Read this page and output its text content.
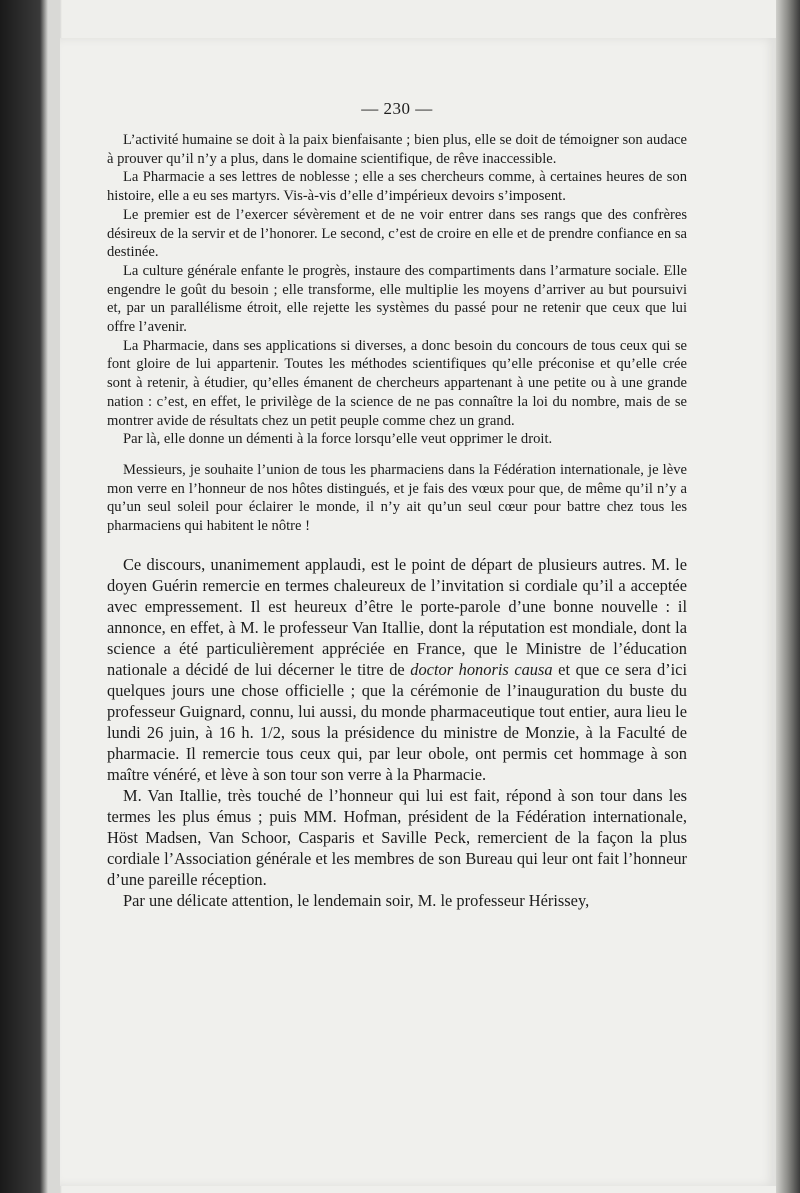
— 230 —

L’activité humaine se doit à la paix bienfaisante ; bien plus, elle se doit de témoigner son audace à prouver qu’il n’y a plus, dans le domaine scientifique, de rêve inaccessible.

La Pharmacie a ses lettres de noblesse ; elle a ses chercheurs comme, à certaines heures de son histoire, elle a eu ses martyrs. Vis-à-vis d’elle d’impérieux devoirs s’imposent.

Le premier est de l’exercer sévèrement et de ne voir entrer dans ses rangs que des confrères désireux de la servir et de l’honorer. Le second, c’est de croire en elle et de prendre confiance en sa destinée.

La culture générale enfante le progrès, instaure des compartiments dans l’armature sociale. Elle engendre le goût du besoin ; elle transforme, elle multiplie les moyens d’arriver au but poursuivi et, par un parallélisme étroit, elle rejette les systèmes du passé pour ne retenir que ceux que lui offre l’avenir.

La Pharmacie, dans ses applications si diverses, a donc besoin du concours de tous ceux qui se font gloire de lui appartenir. Toutes les méthodes scientifiques qu’elle préconise et qu’elle crée sont à retenir, à étudier, qu’elles émanent de chercheurs appartenant à une petite ou à une grande nation : c’est, en effet, le privilège de la science de ne pas connaître la loi du nombre, mais de se montrer avide de résultats chez un petit peuple comme chez un grand.

Par là, elle donne un démenti à la force lorsqu’elle veut opprimer le droit.

Messieurs, je souhaite l’union de tous les pharmaciens dans la Fédération internationale, je lève mon verre en l’honneur de nos hôtes distingués, et je fais des vœux pour que, de même qu’il n’y a qu’un seul soleil pour éclairer le monde, il n’y ait qu’un seul cœur pour battre chez tous les pharmaciens qui habitent le nôtre !

Ce discours, unanimement applaudi, est le point de départ de plusieurs autres. M. le doyen Guérin remercie en termes chaleureux de l’invitation si cordiale qu’il a acceptée avec empressement. Il est heureux d’être le porte-parole d’une bonne nouvelle : il annonce, en effet, à M. le professeur Van Itallie, dont la réputation est mondiale, dont la science a été particulièrement appréciée en France, que le Ministre de l’éducation nationale a décidé de lui décerner le titre de doctor honoris causa et que ce sera d’ici quelques jours une chose officielle ; que la cérémonie de l’inauguration du buste du professeur Guignard, connu, lui aussi, du monde pharmaceutique tout entier, aura lieu le lundi 26 juin, à 16 h. 1/2, sous la présidence du ministre de Monzie, à la Faculté de pharmacie. Il remercie tous ceux qui, par leur obole, ont permis cet hommage à son maître vénéré, et lève à son tour son verre à la Pharmacie.

M. Van Itallie, très touché de l’honneur qui lui est fait, répond à son tour dans les termes les plus émus ; puis MM. Hofman, président de la Fédération internationale, Höst Madsen, Van Schoor, Casparis et Saville Peck, remercient de la façon la plus cordiale l’Association générale et les membres de son Bureau qui leur ont fait l’honneur d’une pareille réception.

Par une délicate attention, le lendemain soir, M. le professeur Hérissey,
